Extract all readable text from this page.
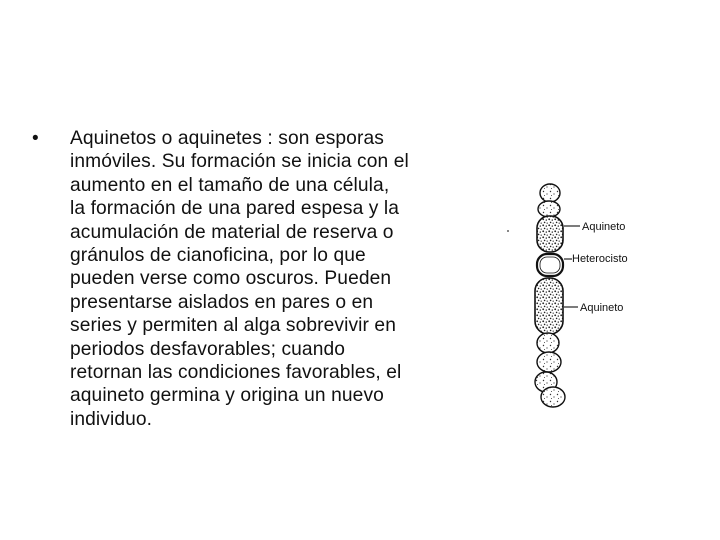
• Aquinetos o aquinetes : son esporas
inmóviles. Su formación se inicia con el
aumento en el tamaño de una célula,
la formación de una pared espesa y la
acumulación de material de reserva o
gránulos de cianoficina, por lo que
pueden verse como oscuros. Pueden
presentarse aislados en pares o en
series y permiten al alga sobrevivir en
periodos desfavorables; cuando
retornan las condiciones favorables, el
aquineto germina y origina un nuevo
individuo.
Aquineto
Heterocisto
Aquineto
